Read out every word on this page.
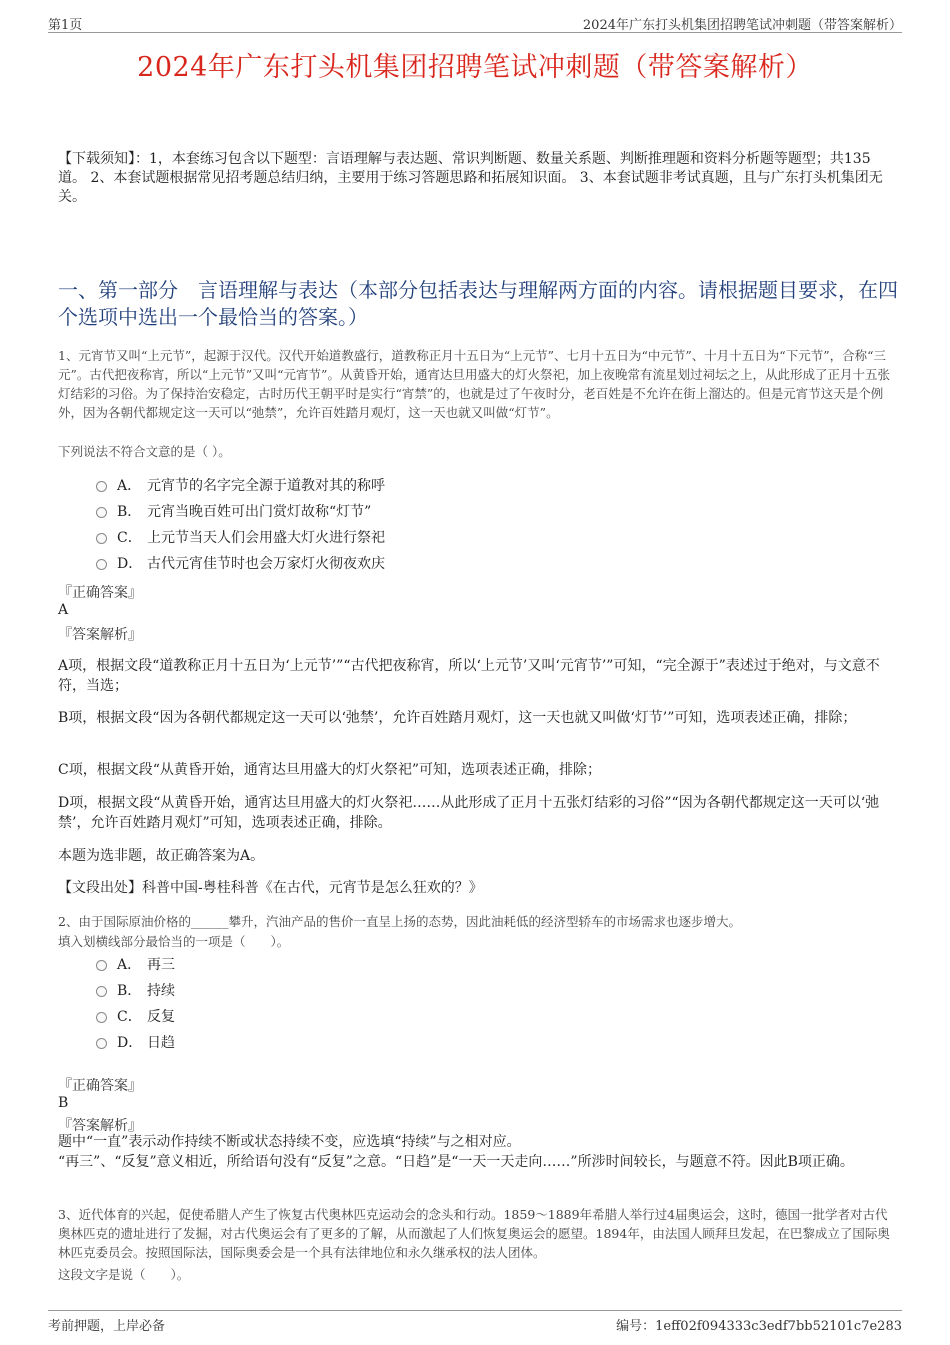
第1页	2024年广东打头机集团招聘笔试冲刺题（带答案解析）
2024年广东打头机集团招聘笔试冲刺题（带答案解析）
【下载须知】：1，本套练习包含以下题型：言语理解与表达题、常识判断题、数量关系题、判断推理题和资料分析题等题型；共135道。 2、本套试题根据常见招考题总结归纳，主要用于练习答题思路和拓展知识面。 3、本套试题非考试真题，且与广东打头机集团无关。
一、第一部分　言语理解与表达（本部分包括表达与理解两方面的内容。请根据题目要求，在四个选项中选出一个最恰当的答案。）
1、元宵节又叫“上元节”，起源于汉代。汉代开始道教盛行，道教称正月十五日为“上元节”、七月十五日为“中元节”、十月十五日为“下元节”，合称“三元”。古代把夜称宵，所以“上元节”又叫“元宵节”。从黄昏开始，通宵达旦用盛大的灯火祭祀，加上夜晚常有流星划过祠坛之上，从此形成了正月十五张灯结彩的习俗。为了保持治安稳定，古时历代王朝平时是实行“宵禁”的，也就是过了午夜时分，老百姓是不允许在街上溜达的。但是元宵节这天是个例外，因为各朝代都规定这一天可以“弛禁”，允许百姓踏月观灯，这一天也就又叫做“灯节”。
下列说法不符合文意的是（ ）。
A． 元宵节的名字完全源于道教对其的称呼
B． 元宵当晚百姓可出门赏灯故称“灯节”
C． 上元节当天人们会用盛大灯火进行祭祀
D． 古代元宵佳节时也会万家灯火彻夜欢庆
『正确答案』
A
『答案解析』
A项，根据文段“道教称正月十五日为‘上元节’”“古代把夜称宵，所以‘上元节’又叫‘元宵节’”可知，“完全源于”表述过于绝对，与文意不符，当选；
B项，根据文段“因为各朝代都规定这一天可以‘弛禁’，允许百姓踏月观灯，这一天也就又叫做‘灯节’”可知，选项表述正确，排除；
C项，根据文段“从黄昏开始，通宵达旦用盛大的灯火祭祀”可知，选项表述正确，排除；
D项，根据文段“从黄昏开始，通宵达旦用盛大的灯火祭祀……从此形成了正月十五张灯结彩的习俗”“因为各朝代都规定这一天可以‘弛禁’，允许百姓踏月观灯”可知，选项表述正确，排除。
本题为选非题，故正确答案为A。
【文段出处】科普中国-粤桂科普《在古代，元宵节是怎么狂欢的？》
2、由于国际原油价格的______攀升，汽油产品的售价一直呈上扬的态势，因此油耗低的经济型轿车的市场需求也逐步增大。
填入划横线部分最恰当的一项是（　　）。
A． 再三
B． 持续
C． 反复
D． 日趋
『正确答案』
B
『答案解析』
题中“一直”表示动作持续不断或状态持续不变，应选填“持续”与之相对应。
“再三”、“反复”意义相近，所给语句没有“反复”之意。“日趋”是“一天一天走向……”所涉时间较长，与题意不符。因此B项正确。
3、近代体育的兴起，促使希腊人产生了恢复古代奥林匹克运动会的念头和行动。1859～1889年希腊人举行过4届奥运会，这时，德国一批学者对古代奥林匹克的遗址进行了发掘，对古代奥运会有了更多的了解，从而激起了人们恢复奥运会的愿望。1894年，由法国人顾拜旦发起，在巴黎成立了国际奥林匹克委员会。按照国际法，国际奥委会是一个具有法律地位和永久继承权的法人团体。
这段文字是说（　　）。
考前押题，上岸必备	编号：1eff02f094333c3edf7bb52101c7e283
